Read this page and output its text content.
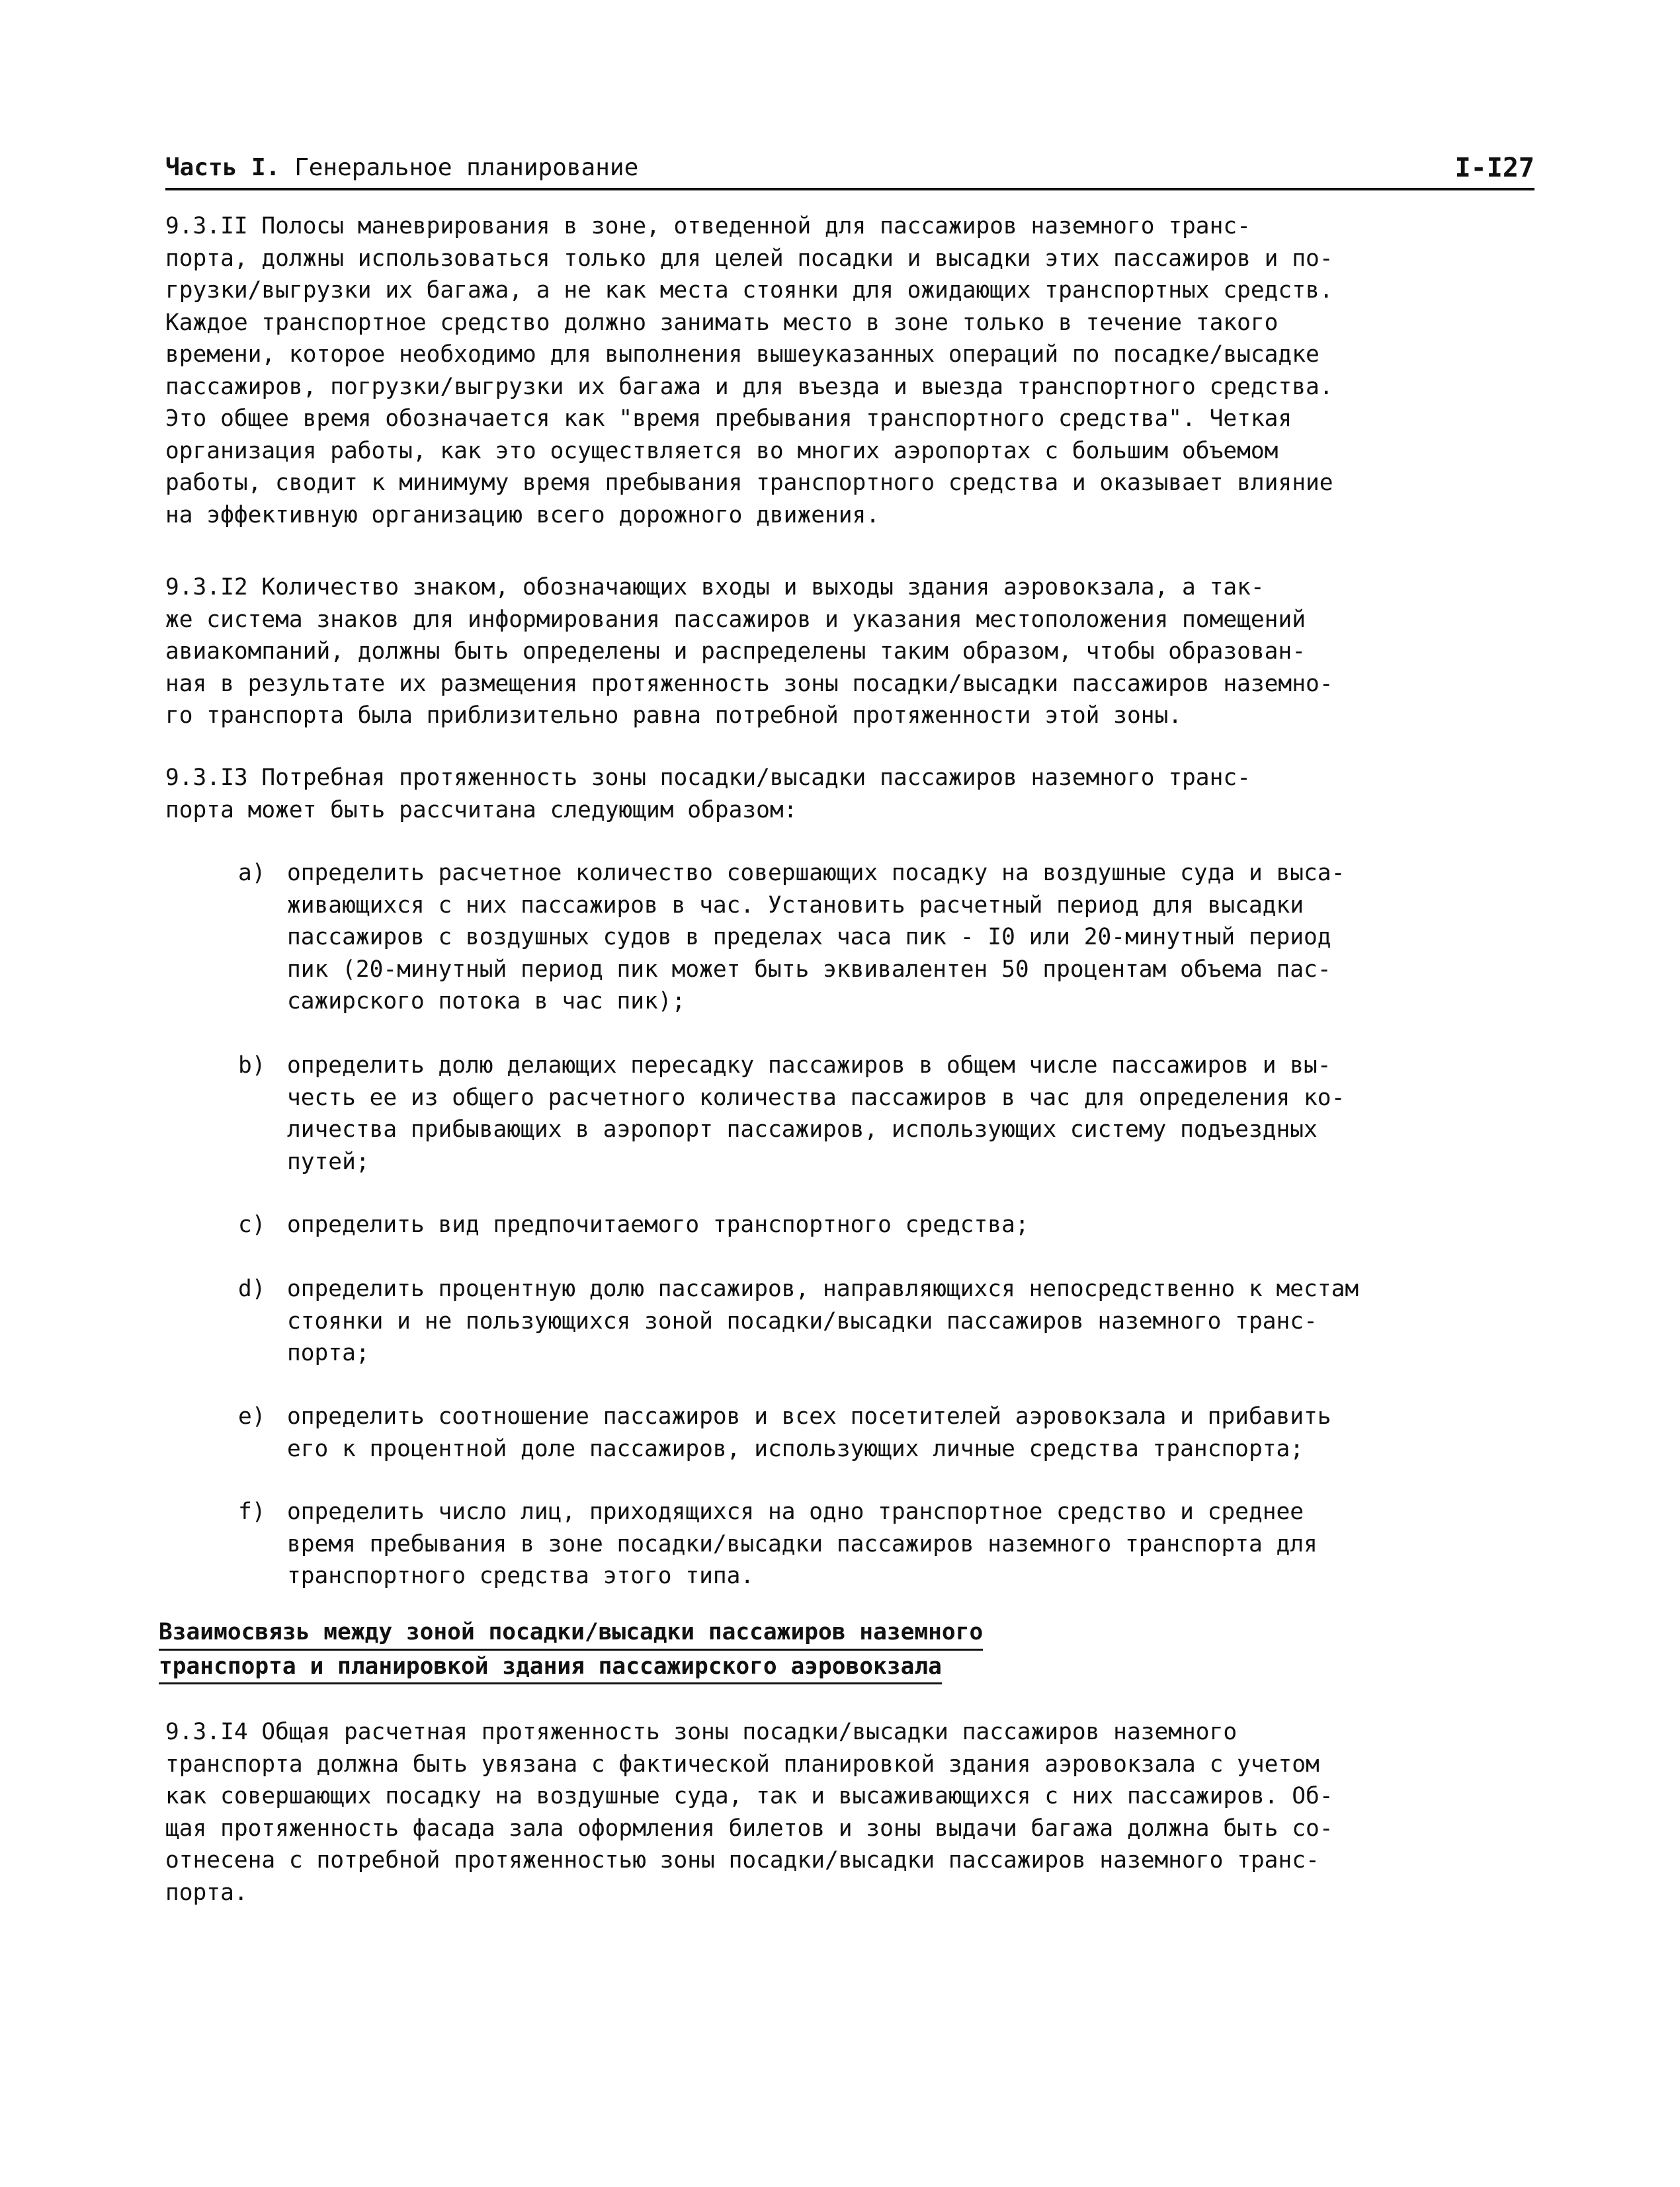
Часть I. Генеральное планирование	I-I27

9.3.II Полосы маневрирования в зоне, отведенной для пассажиров наземного транс-
порта, должны использоваться только для целей посадки и высадки этих пассажиров и по-
грузки/выгрузки их багажа, а не как места стоянки для ожидающих транспортных средств.
Каждое транспортное средство должно занимать место в зоне только в течение такого
времени, которое необходимо для выполнения вышеуказанных операций по посадке/высадке
пассажиров, погрузки/выгрузки их багажа и для въезда и выезда транспортного средства.
Это общее время обозначается как "время пребывания транспортного средства". Четкая
организация работы, как это осуществляется во многих аэропортах с большим объемом
работы, сводит к минимуму время пребывания транспортного средства и оказывает влияние
на эффективную организацию всего дорожного движения.

9.3.I2 Количество знаком, обозначающих входы и выходы здания аэровокзала, а так-
же система знаков для информирования пассажиров и указания местоположения помещений
авиакомпаний, должны быть определены и распределены таким образом, чтобы образован-
ная в результате их размещения протяженность зоны посадки/высадки пассажиров наземно-
го транспорта была приблизительно равна потребной протяженности этой зоны.

9.3.I3 Потребная протяженность зоны посадки/высадки пассажиров наземного транс-
порта может быть рассчитана следующим образом:

a) определить расчетное количество совершающих посадку на воздушные суда и выса-
живающихся с них пассажиров в час. Установить расчетный период для высадки
пассажиров с воздушных судов в пределах часа пик - I0 или 20-минутный период
пик (20-минутный период пик может быть эквивалентен 50 процентам объема пас-
сажирского потока в час пик);

b) определить долю делающих пересадку пассажиров в общем числе пассажиров и вы-
честь ее из общего расчетного количества пассажиров в час для определения ко-
личества прибывающих в аэропорт пассажиров, использующих систему подъездных
путей;

c) определить вид предпочитаемого транспортного средства;

d) определить процентную долю пассажиров, направляющихся непосредственно к местам
стоянки и не пользующихся зоной посадки/высадки пассажиров наземного транс-
порта;

e) определить соотношение пассажиров и всех посетителей аэровокзала и прибавить
его к процентной доле пассажиров, использующих личные средства транспорта;

f) определить число лиц, приходящихся на одно транспортное средство и среднее
время пребывания в зоне посадки/высадки пассажиров наземного транспорта для
транспортного средства этого типа.

Взаимосвязь между зоной посадки/высадки пассажиров наземного
транспорта и планировкой здания пассажирского аэровокзала

9.3.I4 Общая расчетная протяженность зоны посадки/высадки пассажиров наземного
транспорта должна быть увязана с фактической планировкой здания аэровокзала с учетом
как совершающих посадку на воздушные суда, так и высаживающихся с них пассажиров. Об-
щая протяженность фасада зала оформления билетов и зоны выдачи багажа должна быть со-
отнесена с потребной протяженностью зоны посадки/высадки пассажиров наземного транс-
порта.
